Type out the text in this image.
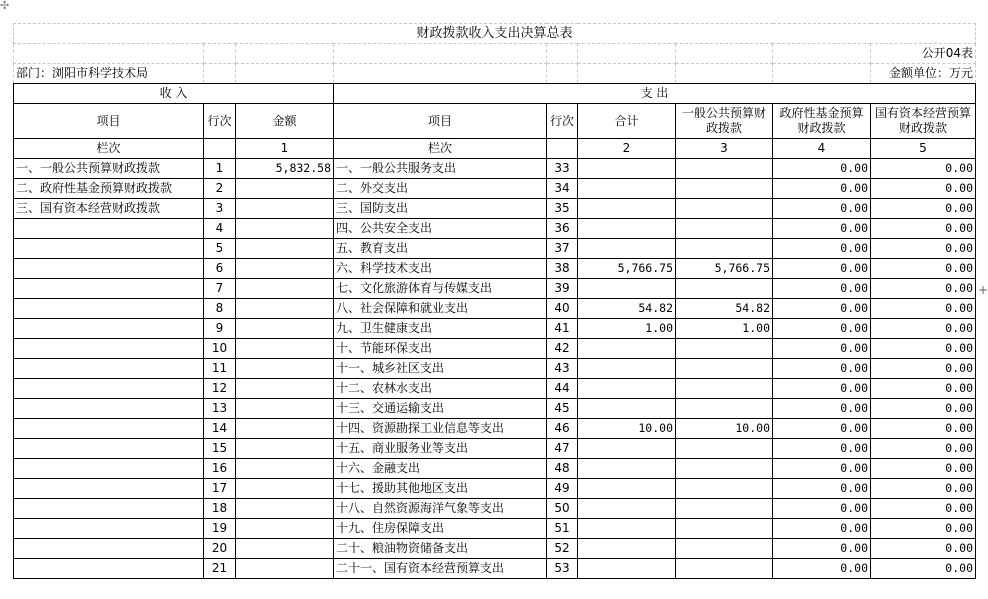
✣
+
财政拨款收入支出决算总表								
								公开04表
部门：浏阳市科学技术局								金额单位：万元
收 入			支 出					
项目	行次	金额	项目	行次	合计	一般公共预算财政拨款	政府性基金预算财政拨款	国有资本经营预算财政拨款
栏次		1	栏次		2	3	4	5
一、一般公共预算财政拨款	1	5,832.58	一、一般公共服务支出	33			0.00	0.00
二、政府性基金预算财政拨款	2		二、外交支出	34			0.00	0.00
三、国有资本经营财政拨款	3		三、国防支出	35			0.00	0.00
	4		四、公共安全支出	36			0.00	0.00
	5		五、教育支出	37			0.00	0.00
	6		六、科学技术支出	38	5,766.75	5,766.75	0.00	0.00
	7		七、文化旅游体育与传媒支出	39			0.00	0.00
	8		八、社会保障和就业支出	40	54.82	54.82	0.00	0.00
	9		九、卫生健康支出	41	1.00	1.00	0.00	0.00
	10		十、节能环保支出	42			0.00	0.00
	11		十一、城乡社区支出	43			0.00	0.00
	12		十二、农林水支出	44			0.00	0.00
	13		十三、交通运输支出	45			0.00	0.00
	14		十四、资源勘探工业信息等支出	46	10.00	10.00	0.00	0.00
	15		十五、商业服务业等支出	47			0.00	0.00
	16		十六、金融支出	48			0.00	0.00
	17		十七、援助其他地区支出	49			0.00	0.00
	18		十八、自然资源海洋气象等支出	50			0.00	0.00
	19		十九、住房保障支出	51			0.00	0.00
	20		二十、粮油物资储备支出	52			0.00	0.00
	21		二十一、国有资本经营预算支出	53			0.00	0.00
